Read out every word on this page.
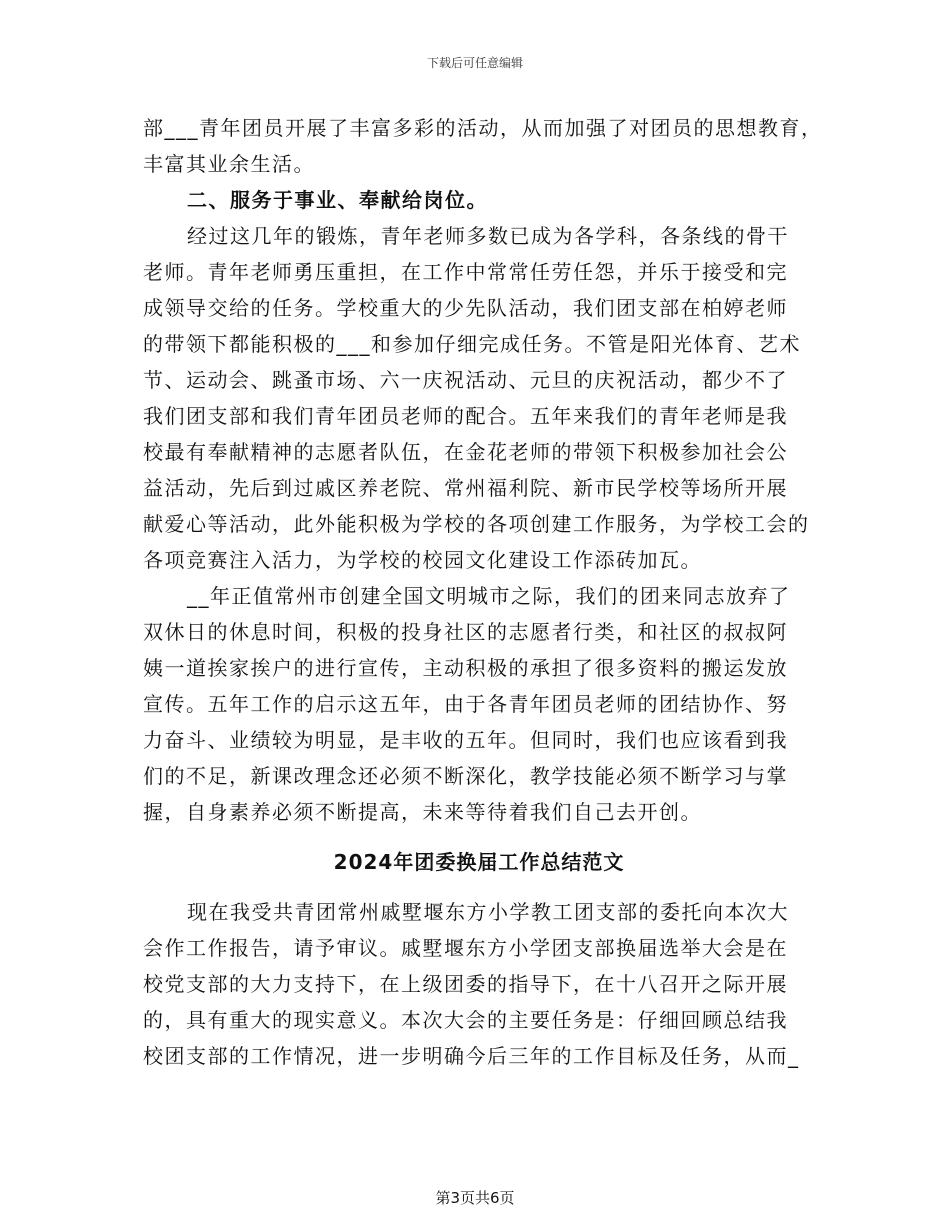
下载后可任意编辑
部___青年团员开展了丰富多彩的活动，从而加强了对团员的思想教育，
丰富其业余生活。
二、服务于事业、奉献给岗位。
经过这几年的锻炼，青年老师多数已成为各学科，各条线的骨干
老师。青年老师勇压重担，在工作中常常任劳任怨，并乐于接受和完
成领导交给的任务。学校重大的少先队活动，我们团支部在柏婷老师
的带领下都能积极的___和参加仔细完成任务。不管是阳光体育、艺术
节、运动会、跳蚤市场、六一庆祝活动、元旦的庆祝活动，都少不了
我们团支部和我们青年团员老师的配合。五年来我们的青年老师是我
校最有奉献精神的志愿者队伍，在金花老师的带领下积极参加社会公
益活动，先后到过戚区养老院、常州福利院、新市民学校等场所开展
献爱心等活动，此外能积极为学校的各项创建工作服务，为学校工会的
各项竞赛注入活力，为学校的校园文化建设工作添砖加瓦。
__年正值常州市创建全国文明城市之际，我们的团来同志放弃了
双休日的休息时间，积极的投身社区的志愿者行类，和社区的叔叔阿
姨一道挨家挨户的进行宣传，主动积极的承担了很多资料的搬运发放
宣传。五年工作的启示这五年，由于各青年团员老师的团结协作、努
力奋斗、业绩较为明显，是丰收的五年。但同时，我们也应该看到我
们的不足，新课改理念还必须不断深化，教学技能必须不断学习与掌
握，自身素养必须不断提高，未来等待着我们自己去开创。
2024年团委换届工作总结范文
现在我受共青团常州戚墅堰东方小学教工团支部的委托向本次大
会作工作报告，请予审议。戚墅堰东方小学团支部换届选举大会是在
校党支部的大力支持下，在上级团委的指导下，在十八召开之际开展
的，具有重大的现实意义。本次大会的主要任务是：仔细回顾总结我
校团支部的工作情况，进一步明确今后三年的工作目标及任务，从而_
第3页共6页
